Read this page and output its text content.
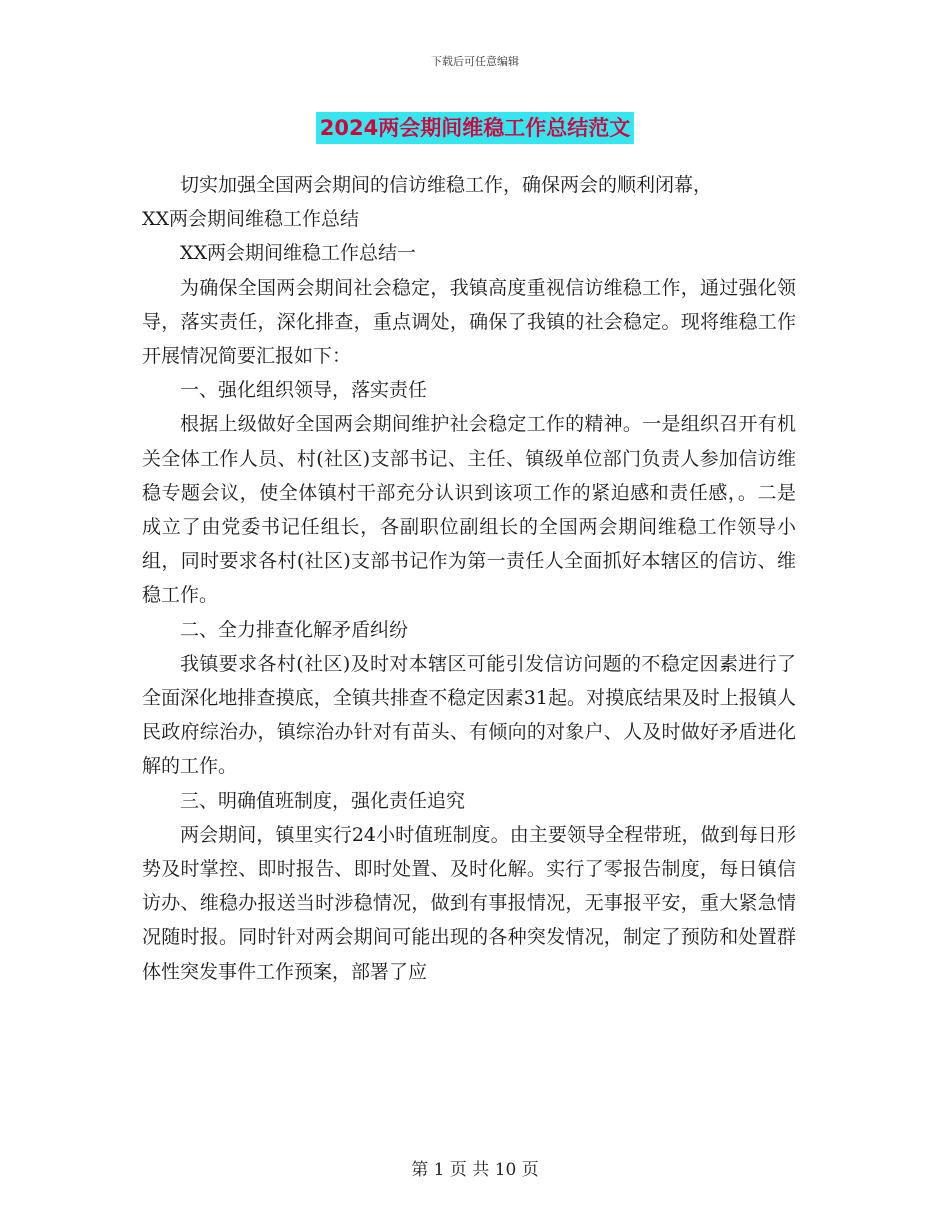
下载后可任意编辑
2024两会期间维稳工作总结范文

切实加强全国两会期间的信访维稳工作，确保两会的顺利闭幕，

XX两会期间维稳工作总结

XX两会期间维稳工作总结一

为确保全国两会期间社会稳定，我镇高度重视信访维稳工作，通过强化领导，落实责任，深化排查，重点调处，确保了我镇的社会稳定。现将维稳工作开展情况简要汇报如下：

一、强化组织领导，落实责任

根据上级做好全国两会期间维护社会稳定工作的精神。一是组织召开有机关全体工作人员、村(社区)支部书记、主任、镇级单位部门负责人参加信访维稳专题会议，使全体镇村干部充分认识到该项工作的紧迫感和责任感，。二是成立了由党委书记任组长，各副职位副组长的全国两会期间维稳工作领导小组，同时要求各村(社区)支部书记作为第一责任人全面抓好本辖区的信访、维稳工作。

二、全力排查化解矛盾纠纷

我镇要求各村(社区)及时对本辖区可能引发信访问题的不稳定因素进行了全面深化地排查摸底，全镇共排查不稳定因素31起。对摸底结果及时上报镇人民政府综治办，镇综治办针对有苗头、有倾向的对象户、人及时做好矛盾进化解的工作。

三、明确值班制度，强化责任追究

两会期间，镇里实行24小时值班制度。由主要领导全程带班，做到每日形势及时掌控、即时报告、即时处置、及时化解。实行了零报告制度，每日镇信访办、维稳办报送当时涉稳情况，做到有事报情况，无事报平安，重大紧急情况随时报。同时针对两会期间可能出现的各种突发情况，制定了预防和处置群体性突发事件工作预案，部署了应

第 1 页 共 10 页
